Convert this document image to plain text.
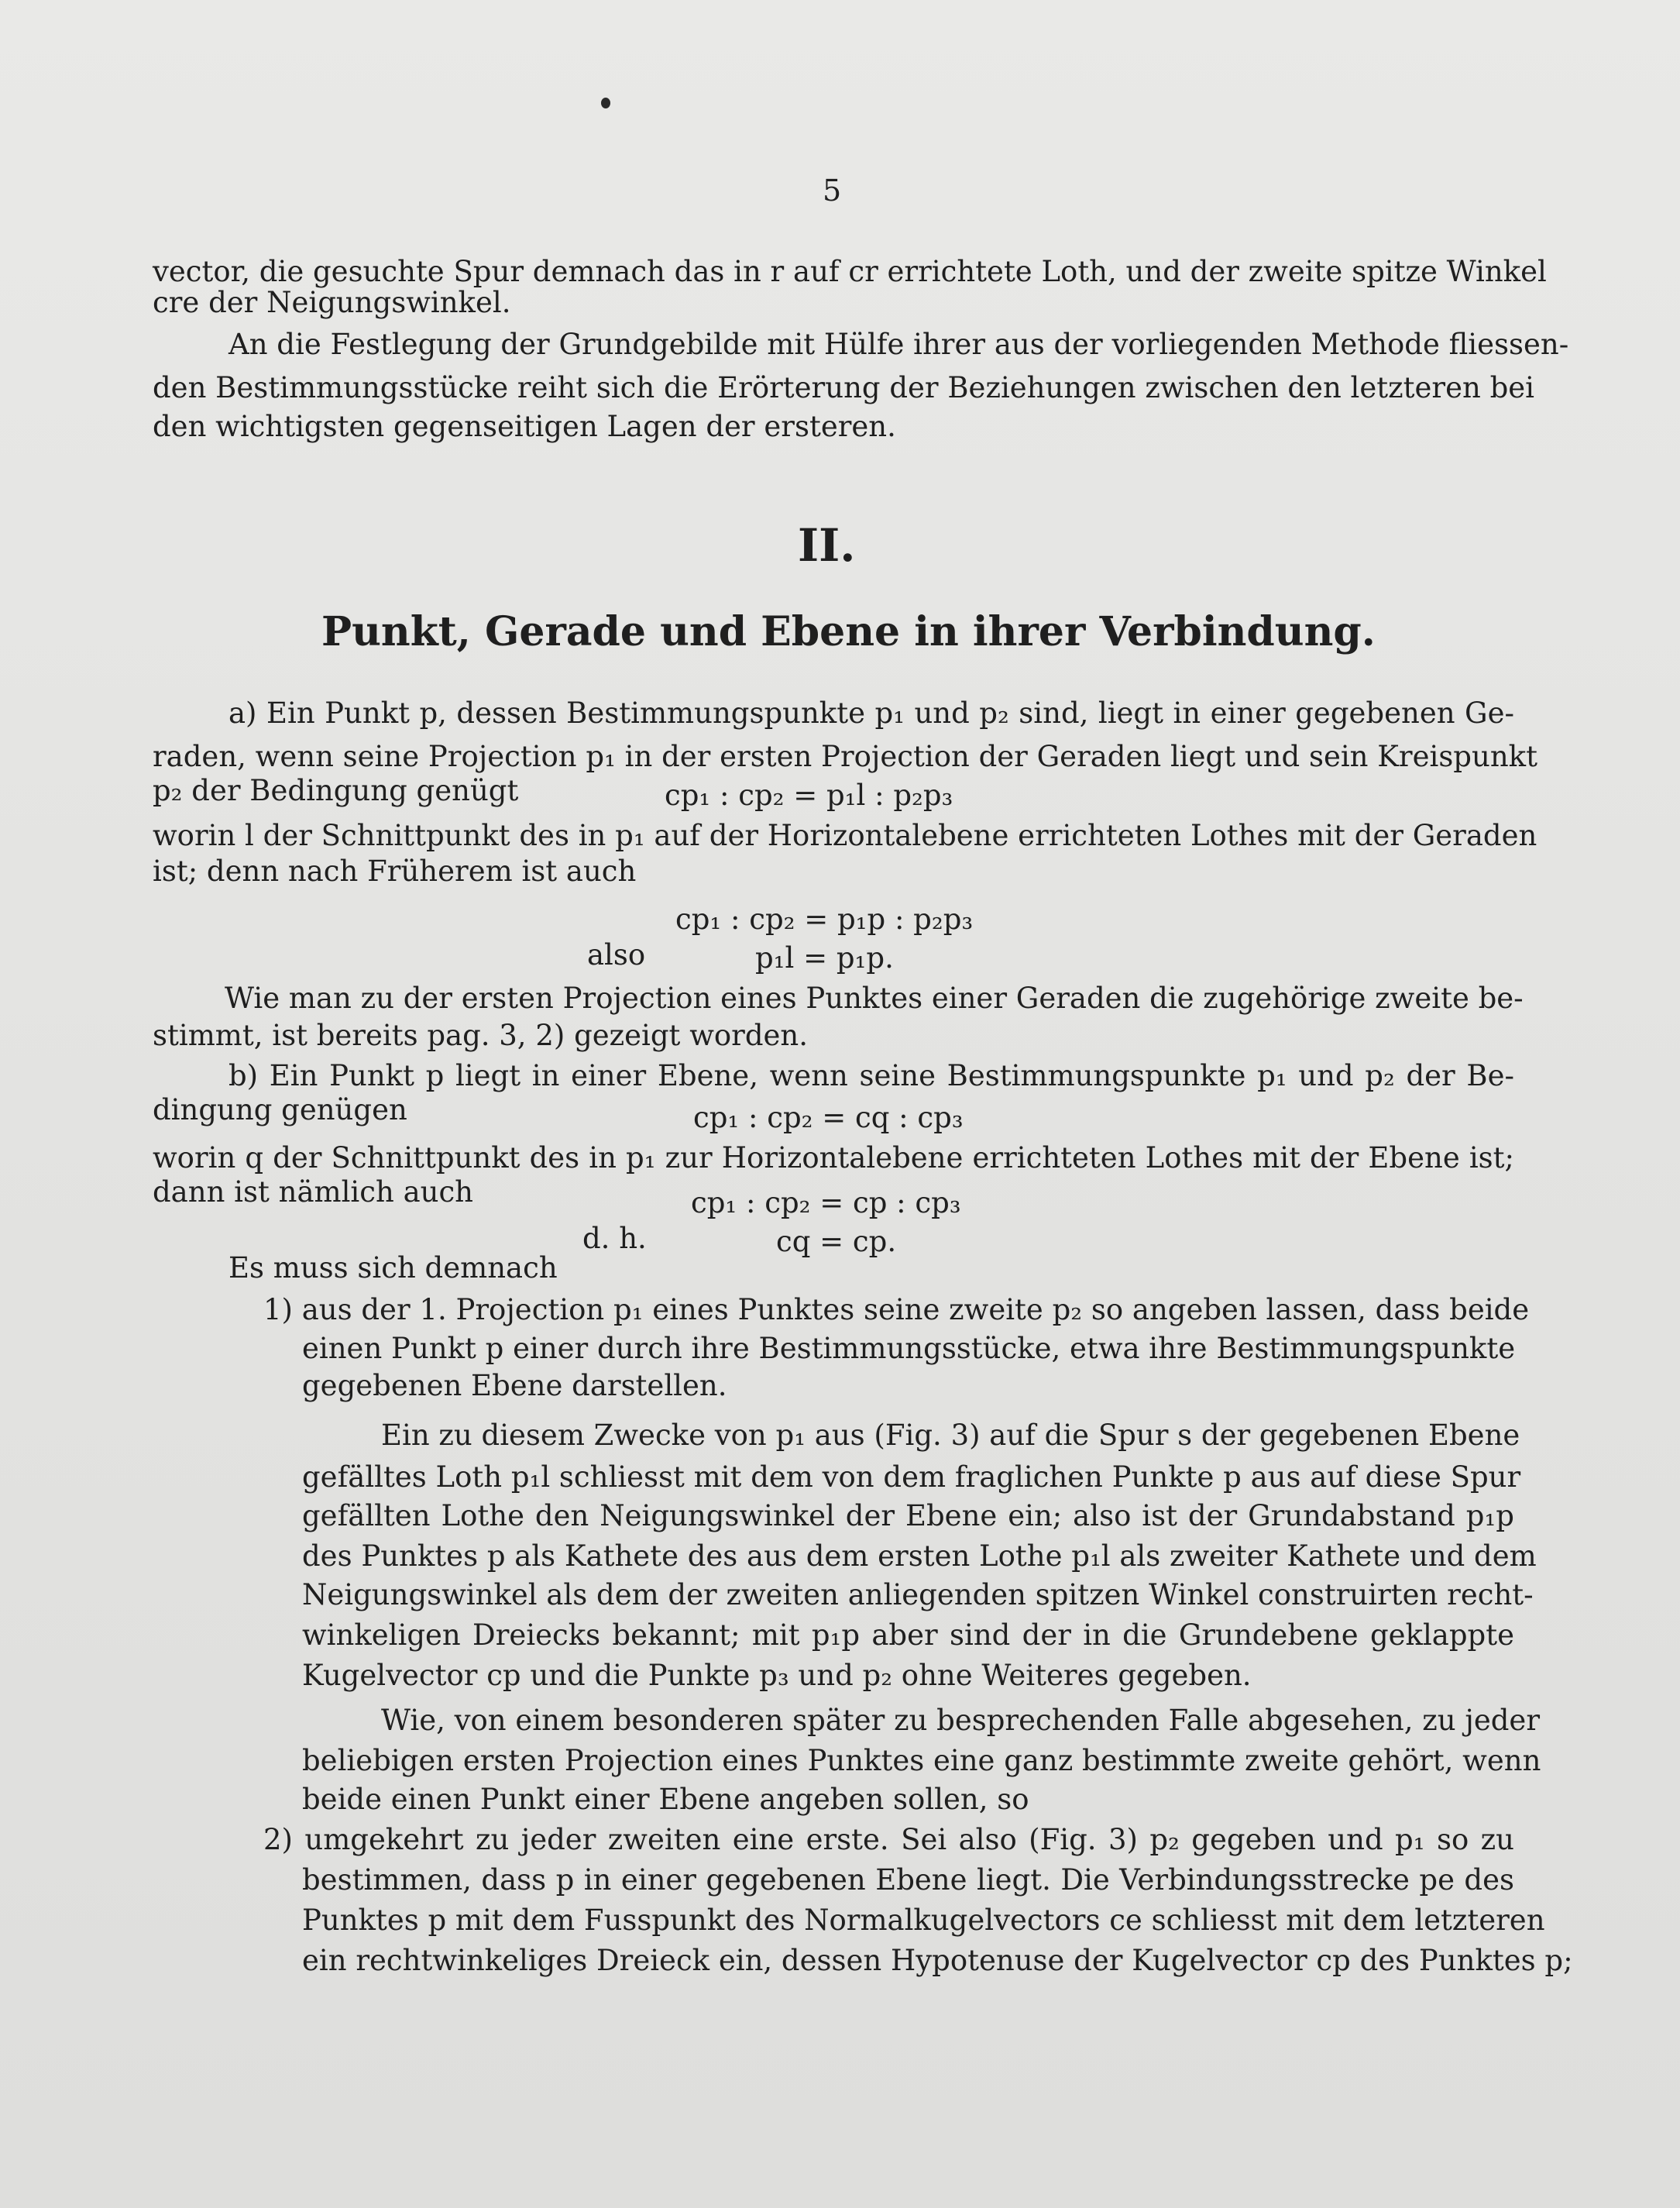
5
vector, die gesuchte Spur demnach das in r auf cr errichtete Loth, und der zweite spitze Winkel
cre der Neigungswinkel.
An die Festlegung der Grundgebilde mit Hülfe ihrer aus der vorliegenden Methode fliessen-
den Bestimmungsstücke reiht sich die Erörterung der Beziehungen zwischen den letzteren bei
den wichtigsten gegenseitigen Lagen der ersteren.
II.
Punkt, Gerade und Ebene in ihrer Verbindung.
a) Ein Punkt p, dessen Bestimmungspunkte p₁ und p₂ sind, liegt in einer gegebenen Ge-
raden, wenn seine Projection p₁ in der ersten Projection der Geraden liegt und sein Kreispunkt
p₂ der Bedingung genügt	cp₁ : cp₂ = p₁l : p₂p₃
worin l der Schnittpunkt des in p₁ auf der Horizontalebene errichteten Lothes mit der Geraden
ist; denn nach Früherem ist auch
cp₁ : cp₂ = p₁p : p₂p₃
also	p₁l = p₁p.
Wie man zu der ersten Projection eines Punktes einer Geraden die zugehörige zweite be-
stimmt, ist bereits pag. 3, 2) gezeigt worden.
b) Ein Punkt p liegt in einer Ebene, wenn seine Bestimmungspunkte p₁ und p₂ der Be-
dingung genügen	cp₁ : cp₂ = cq : cp₃
worin q der Schnittpunkt des in p₁ zur Horizontalebene errichteten Lothes mit der Ebene ist;
dann ist nämlich auch	cp₁ : cp₂ = cp : cp₃
d. h.	cq = cp.
Es muss sich demnach
1) aus der 1. Projection p₁ eines Punktes seine zweite p₂ so angeben lassen, dass beide
einen Punkt p einer durch ihre Bestimmungsstücke, etwa ihre Bestimmungspunkte
gegebenen Ebene darstellen.
Ein zu diesem Zwecke von p₁ aus (Fig. 3) auf die Spur s der gegebenen Ebene
gefälltes Loth p₁l schliesst mit dem von dem fraglichen Punkte p aus auf diese Spur
gefällten Lothe den Neigungswinkel der Ebene ein; also ist der Grundabstand p₁p
des Punktes p als Kathete des aus dem ersten Lothe p₁l als zweiter Kathete und dem
Neigungswinkel als dem der zweiten anliegenden spitzen Winkel construirten recht-
winkeligen Dreiecks bekannt; mit p₁p aber sind der in die Grundebene geklappte
Kugelvector cp und die Punkte p₃ und p₂ ohne Weiteres gegeben.
Wie, von einem besonderen später zu besprechenden Falle abgesehen, zu jeder
beliebigen ersten Projection eines Punktes eine ganz bestimmte zweite gehört, wenn
beide einen Punkt einer Ebene angeben sollen, so
2) umgekehrt zu jeder zweiten eine erste. Sei also (Fig. 3) p₂ gegeben und p₁ so zu
bestimmen, dass p in einer gegebenen Ebene liegt. Die Verbindungsstrecke pe des
Punktes p mit dem Fusspunkt des Normalkugelvectors ce schliesst mit dem letzteren
ein rechtwinkeliges Dreieck ein, dessen Hypotenuse der Kugelvector cp des Punktes p;
